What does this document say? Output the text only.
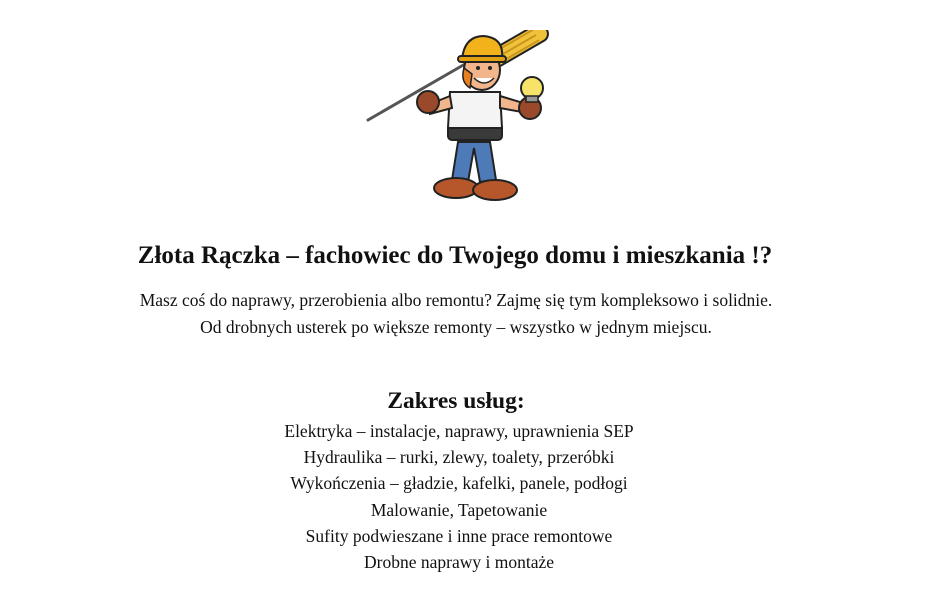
Złota Rączka – fachowiec do Twojego domu i mieszkania !?

Masz coś do naprawy, przerobienia albo remontu? Zajmę się tym kompleksowo i solidnie.

Od drobnych usterek po większe remonty – wszystko w jednym miejscu.

Zakres usług:
Elektryka – instalacje, naprawy, uprawnienia SEP
Hydraulika – rurki, zlewy, toalety, przeróbki
Wykończenia – gładzie, kafelki, panele, podłogi
Malowanie, Tapetowanie
Sufity podwieszane i inne prace remontowe
Drobne naprawy i montaże
